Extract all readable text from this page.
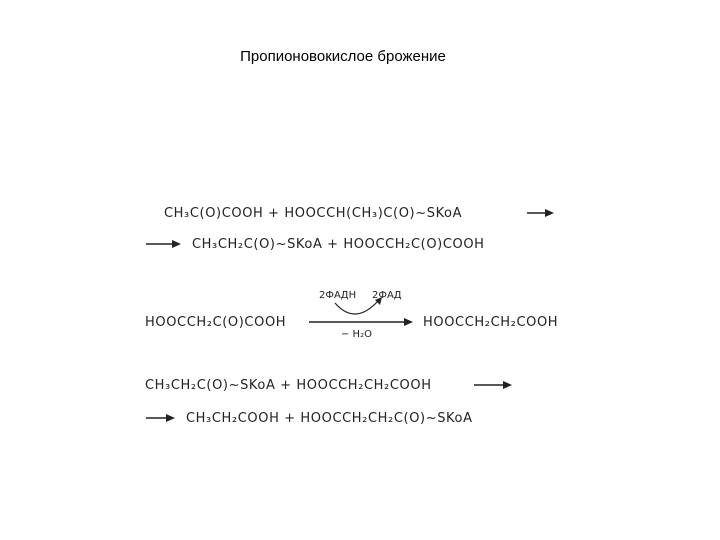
Пропионовокислое брожение
CH₃C(O)COOH + HOOCCH(CH₃)C(O)~SKoA
CH₃CH₂C(O)~SKoA + HOOCCH₂C(O)COOH
HOOCCH₂C(O)COOH
2ФАДН 2ФАД
− H₂O
HOOCCH₂CH₂COOH
CH₃CH₂C(O)~SKoA + HOOCCH₂CH₂COOH
CH₃CH₂COOH + HOOCCH₂CH₂C(O)~SKoA
